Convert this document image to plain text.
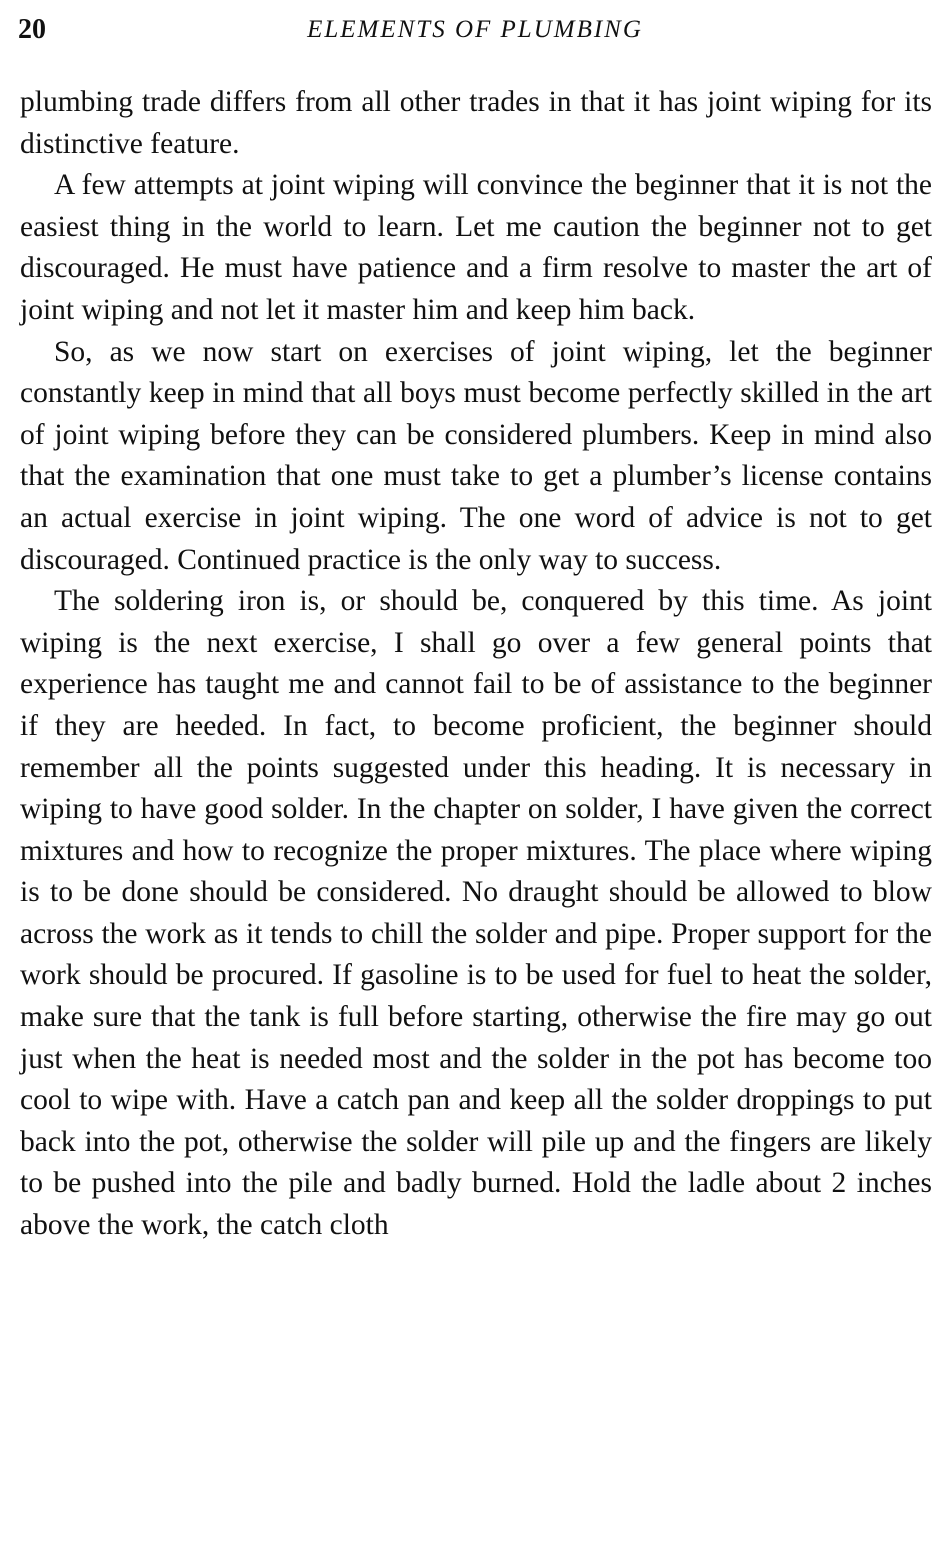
20	ELEMENTS OF PLUMBING

plumbing trade differs from all other trades in that it has joint wiping for its distinctive feature.

A few attempts at joint wiping will convince the beginner that it is not the easiest thing in the world to learn. Let me caution the beginner not to get discouraged. He must have patience and a firm resolve to master the art of joint wiping and not let it master him and keep him back.

So, as we now start on exercises of joint wiping, let the beginner constantly keep in mind that all boys must become perfectly skilled in the art of joint wiping before they can be considered plumbers. Keep in mind also that the examination that one must take to get a plumber’s license contains an actual exercise in joint wiping. The one word of advice is not to get discouraged. Continued practice is the only way to success.

The soldering iron is, or should be, conquered by this time. As joint wiping is the next exercise, I shall go over a few general points that experience has taught me and cannot fail to be of assistance to the beginner if they are heeded. In fact, to become proficient, the beginner should remember all the points suggested under this heading. It is necessary in wiping to have good solder. In the chapter on solder, I have given the correct mixtures and how to recognize the proper mixtures. The place where wiping is to be done should be considered. No draught should be allowed to blow across the work as it tends to chill the solder and pipe. Proper support for the work should be procured. If gasoline is to be used for fuel to heat the solder, make sure that the tank is full before starting, otherwise the fire may go out just when the heat is needed most and the solder in the pot has become too cool to wipe with. Have a catch pan and keep all the solder droppings to put back into the pot, otherwise the solder will pile up and the fingers are likely to be pushed into the pile and badly burned. Hold the ladle about 2 inches above the work, the catch cloth
